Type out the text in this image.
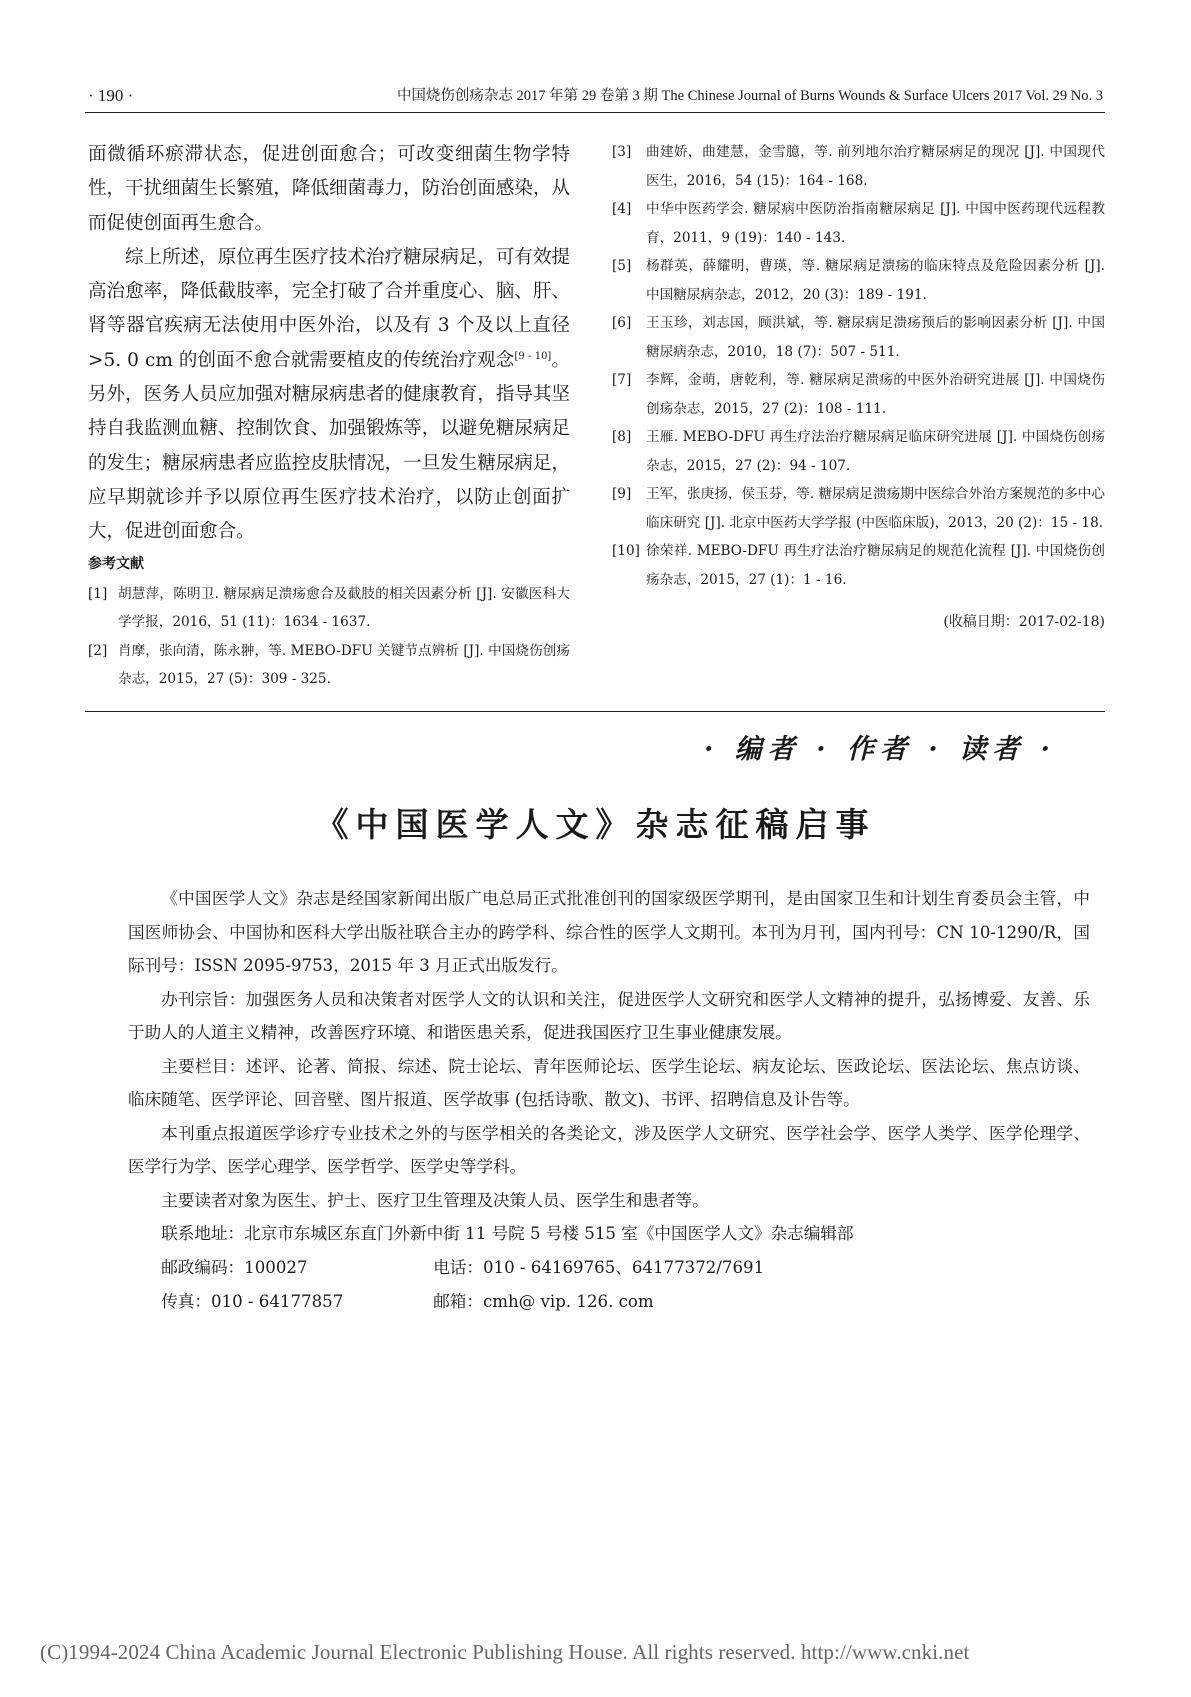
· 190 ·	中国烧伤创疡杂志 2017 年第 29 卷第 3 期 The Chinese Journal of Burns Wounds & Surface Ulcers 2017 Vol. 29 No. 3

面微循环瘀滞状态，促进创面愈合；可改变细菌生物学特性，干扰细菌生长繁殖，降低细菌毒力，防治创面感染，从而促使创面再生愈合。

综上所述，原位再生医疗技术治疗糖尿病足，可有效提高治愈率，降低截肢率，完全打破了合并重度心、脑、肝、肾等器官疾病无法使用中医外治，以及有 3 个及以上直径 >5. 0 cm 的创面不愈合就需要植皮的传统治疗观念[9 - 10]。另外，医务人员应加强对糖尿病患者的健康教育，指导其坚持自我监测血糖、控制饮食、加强锻炼等，以避免糖尿病足的发生；糖尿病患者应监控皮肤情况，一旦发生糖尿病足，应早期就诊并予以原位再生医疗技术治疗，以防止创面扩大，促进创面愈合。

参考文献
[1] 胡慧萍，陈明卫. 糖尿病足溃疡愈合及截肢的相关因素分析 [J]. 安徽医科大学学报，2016，51 (11)：1634 - 1637.
[2] 肖摩，张向清，陈永翀，等. MEBO-DFU 关键节点辨析 [J]. 中国烧伤创疡杂志，2015，27 (5)：309 - 325.
[3]	曲建娇，曲建慧，金雪臆，等. 前列地尔治疗糖尿病足的现况 [J]. 中国现代医生，2016，54 (15)：164 - 168.
[4]	中华中医药学会. 糖尿病中医防治指南糖尿病足 [J]. 中国中医药现代远程教育，2011，9 (19)：140 - 143.
[5]	杨群英，薛耀明，曹瑛，等. 糖尿病足溃疡的临床特点及危险因素分析 [J]. 中国糖尿病杂志，2012，20 (3)：189 - 191.
[6]	王玉珍，刘志国，顾洪斌，等. 糖尿病足溃疡预后的影响因素分析 [J]. 中国糖尿病杂志，2010，18 (7)：507 - 511.
[7]	李辉，金萌，唐乾利，等. 糖尿病足溃疡的中医外治研究进展 [J]. 中国烧伤创疡杂志，2015，27 (2)：108 - 111.
[8]	王雁. MEBO-DFU 再生疗法治疗糖尿病足临床研究进展 [J]. 中国烧伤创疡杂志，2015，27 (2)：94 - 107.
[9]	王军，张庚扬，侯玉芬，等. 糖尿病足溃疡期中医综合外治方案规范的多中心临床研究 [J]. 北京中医药大学学报 (中医临床版)，2013，20 (2)：15 - 18.
[10] 徐荣祥. MEBO-DFU 再生疗法治疗糖尿病足的规范化流程 [J]. 中国烧伤创疡杂志，2015，27 (1)：1 - 16.
(收稿日期：2017-02-18)
· 编者 · 作者 · 读者 ·
《中国医学人文》杂志征稿启事

《中国医学人文》杂志是经国家新闻出版广电总局正式批准创刊的国家级医学期刊，是由国家卫生和计划生育委员会主管，中国医师协会、中国协和医科大学出版社联合主办的跨学科、综合性的医学人文期刊。本刊为月刊，国内刊号：CN 10-1290/R，国际刊号：ISSN 2095-9753，2015 年 3 月正式出版发行。

办刊宗旨：加强医务人员和决策者对医学人文的认识和关注，促进医学人文研究和医学人文精神的提升，弘扬博爱、友善、乐于助人的人道主义精神，改善医疗环境、和谐医患关系，促进我国医疗卫生事业健康发展。

主要栏目：述评、论著、简报、综述、院士论坛、青年医师论坛、医学生论坛、病友论坛、医政论坛、医法论坛、焦点访谈、临床随笔、医学评论、回音壁、图片报道、医学故事 (包括诗歌、散文)、书评、招聘信息及讣告等。

本刊重点报道医学诊疗专业技术之外的与医学相关的各类论文，涉及医学人文研究、医学社会学、医学人类学、医学伦理学、医学行为学、医学心理学、医学哲学、医学史等学科。

主要读者对象为医生、护士、医疗卫生管理及决策人员、医学生和患者等。

联系地址：北京市东城区东直门外新中街 11 号院 5 号楼 515 室《中国医学人文》杂志编辑部

邮政编码：100027	电话：010 - 64169765、64177372/7691
传真：010 - 64177857	邮箱：cmh@ vip. 126. com
(C)1994-2024 China Academic Journal Electronic Publishing House. All rights reserved. http://www.cnki.net
